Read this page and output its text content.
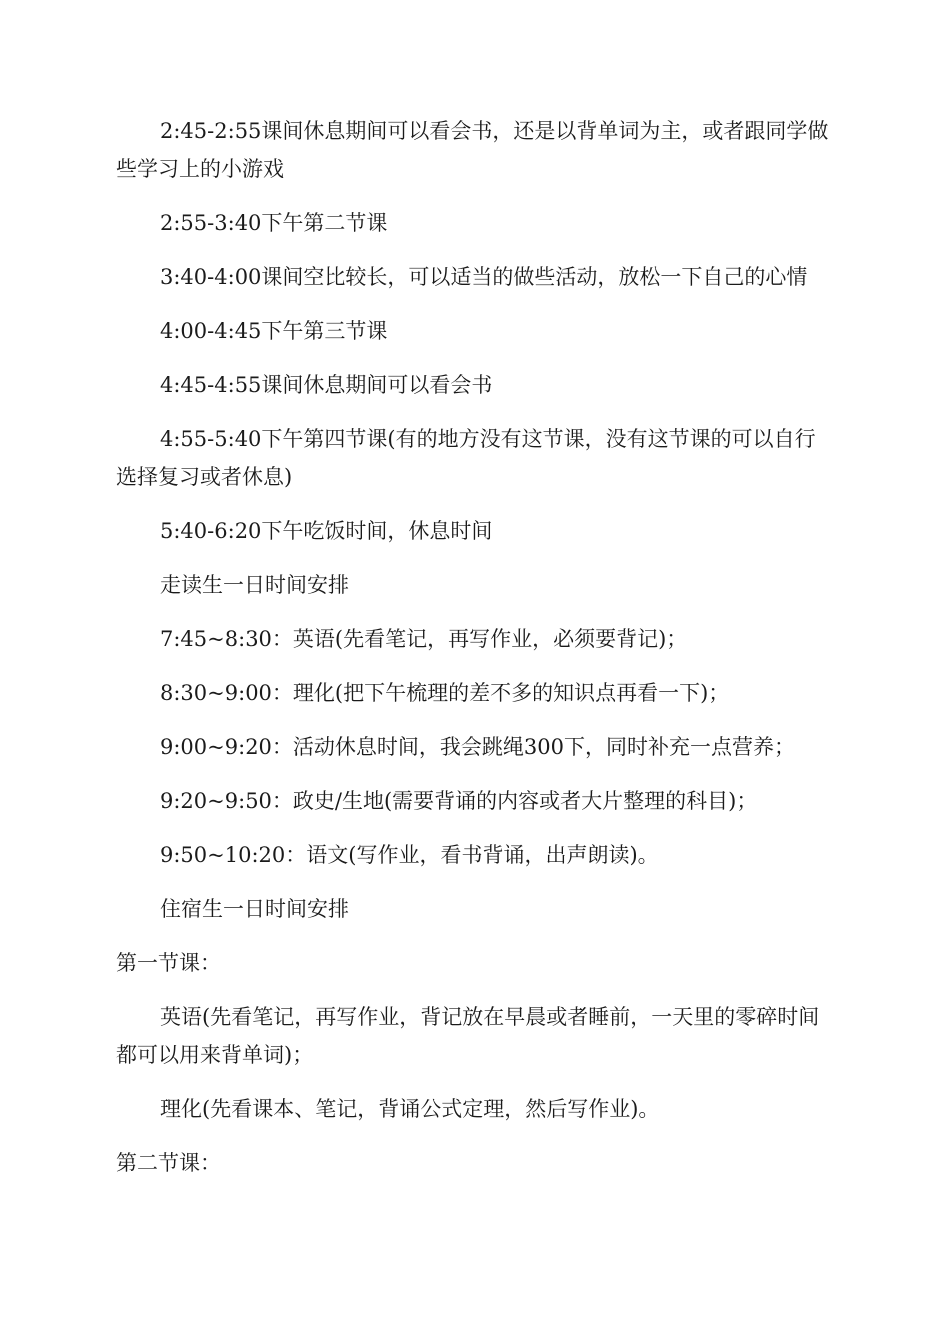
2:45-2:55课间休息期间可以看会书，还是以背单词为主，或者跟同学做些学习上的小游戏

2:55-3:40下午第二节课

3:40-4:00课间空比较长，可以适当的做些活动，放松一下自己的心情

4:00-4:45下午第三节课

4:45-4:55课间休息期间可以看会书

4:55-5:40下午第四节课(有的地方没有这节课，没有这节课的可以自行选择复习或者休息)

5:40-6:20下午吃饭时间，休息时间

走读生一日时间安排

7:45~8:30：英语(先看笔记，再写作业，必须要背记)；

8:30~9:00：理化(把下午梳理的差不多的知识点再看一下)；

9:00~9:20：活动休息时间，我会跳绳300下，同时补充一点营养；

9:20~9:50：政史/生地(需要背诵的内容或者大片整理的科目)；

9:50~10:20：语文(写作业，看书背诵，出声朗读)。

住宿生一日时间安排

第一节课：

英语(先看笔记，再写作业，背记放在早晨或者睡前，一天里的零碎时间都可以用来背单词)；

理化(先看课本、笔记，背诵公式定理，然后写作业)。

第二节课：
